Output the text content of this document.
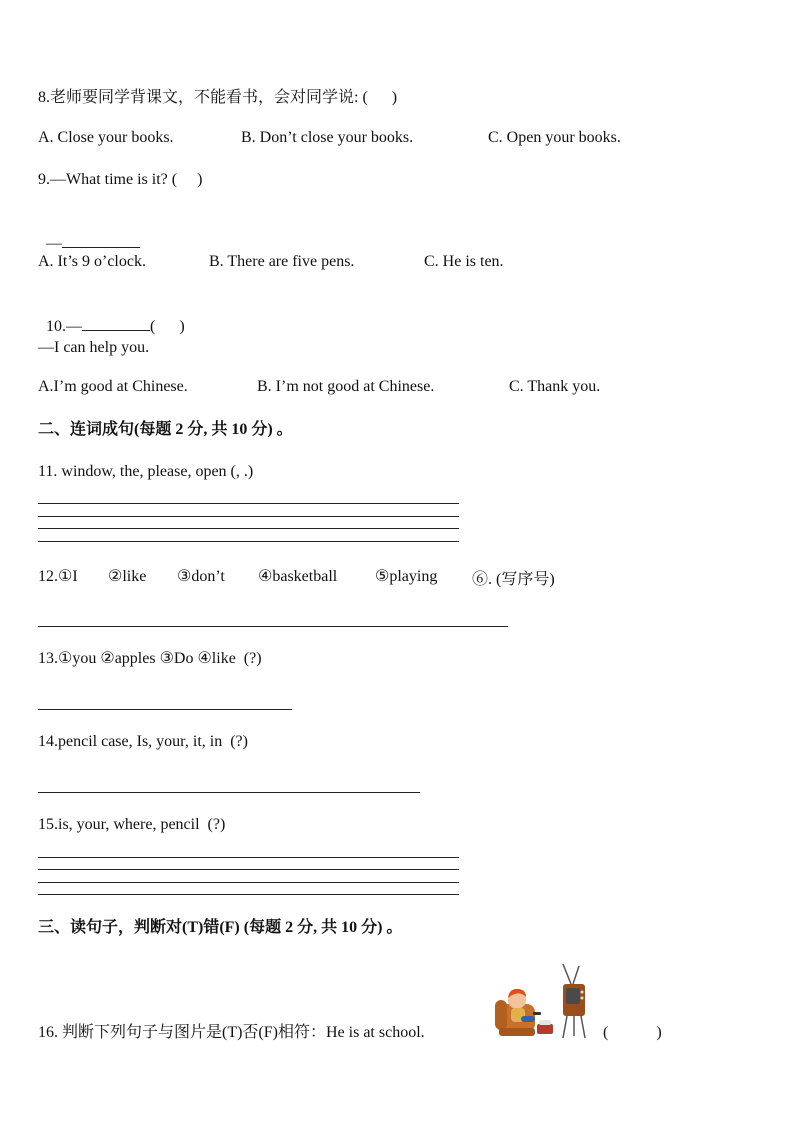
8.老师要同学背课文，不能看书，会对同学说: (      )
A. Close your books.	B. Don’t close your books.	C. Open your books.
9.—What time is it? (     )

—

A. It’s 9 o’clock.	B. There are five pens.	C. He is ten.

10.—	(      )

—I can help you.
A.I’m good at Chinese.	B. I’m not good at Chinese.	C. Thank you.
二、连词成句(每题 2 分, 共 10 分) 。
11. window, the, please, open (, .)
12.①I ②like ③don’t ④basketball ⑤playing ⑥. (写序号)
13.①you ②apples ③Do ④like  (?)
14.pencil case, Is, your, it, in  (?)
15.is, your, where, pencil  (?)
三、读句子，判断对(T)错(F) (每题 2 分, 共 10 分) 。
16. 判断下列句子与图片是(T)否(F)相符：He is at school.	(            )
